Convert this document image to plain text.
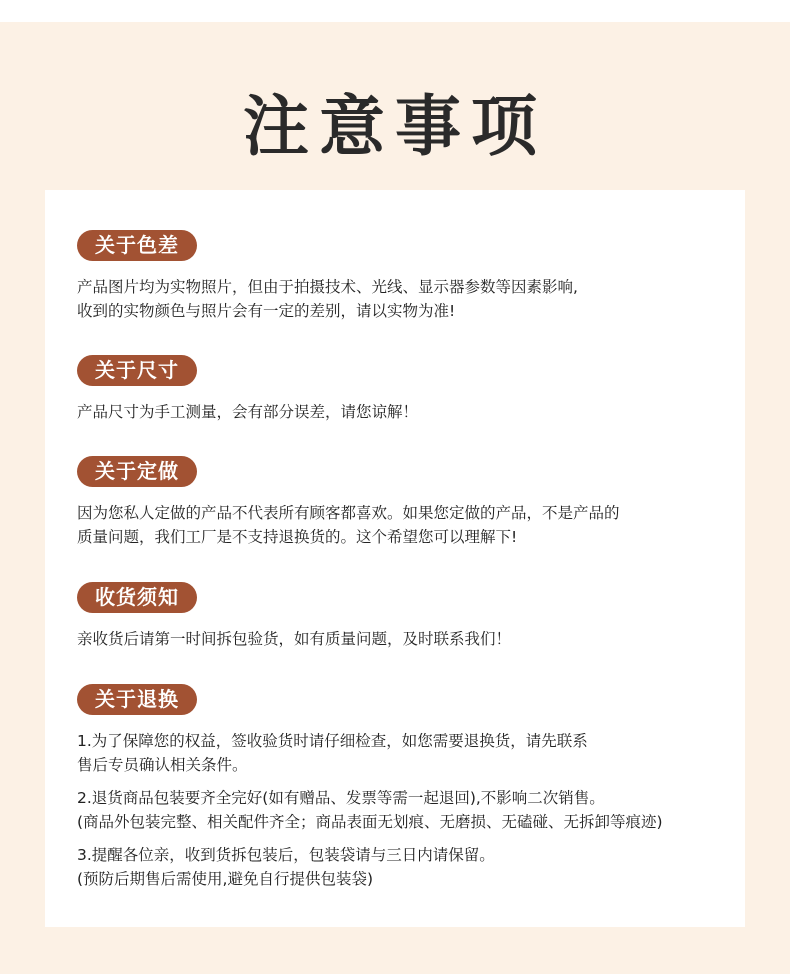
注意事项
关于色差

产品图片均为实物照片，但由于拍摄技术、光线、显示器参数等因素影响,
收到的实物颜色与照片会有一定的差别，请以实物为准!

关于尺寸

产品尺寸为手工测量，会有部分误差，请您谅解！

关于定做

因为您私人定做的产品不代表所有顾客都喜欢。如果您定做的产品，不是产品的
质量问题，我们工厂是不支持退换货的。这个希望您可以理解下!

收货须知

亲收货后请第一时间拆包验货，如有质量问题，及时联系我们！

关于退换

1.为了保障您的权益，签收验货时请仔细检查，如您需要退换货，请先联系
售后专员确认相关条件。

2.退货商品包装要齐全完好(如有赠品、发票等需一起退回),不影响二次销售。
(商品外包装完整、相关配件齐全；商品表面无划痕、无磨损、无磕碰、无拆卸等痕迹)

3.提醒各位亲，收到货拆包装后，包装袋请与三日内请保留。
(预防后期售后需使用,避免自行提供包装袋)
